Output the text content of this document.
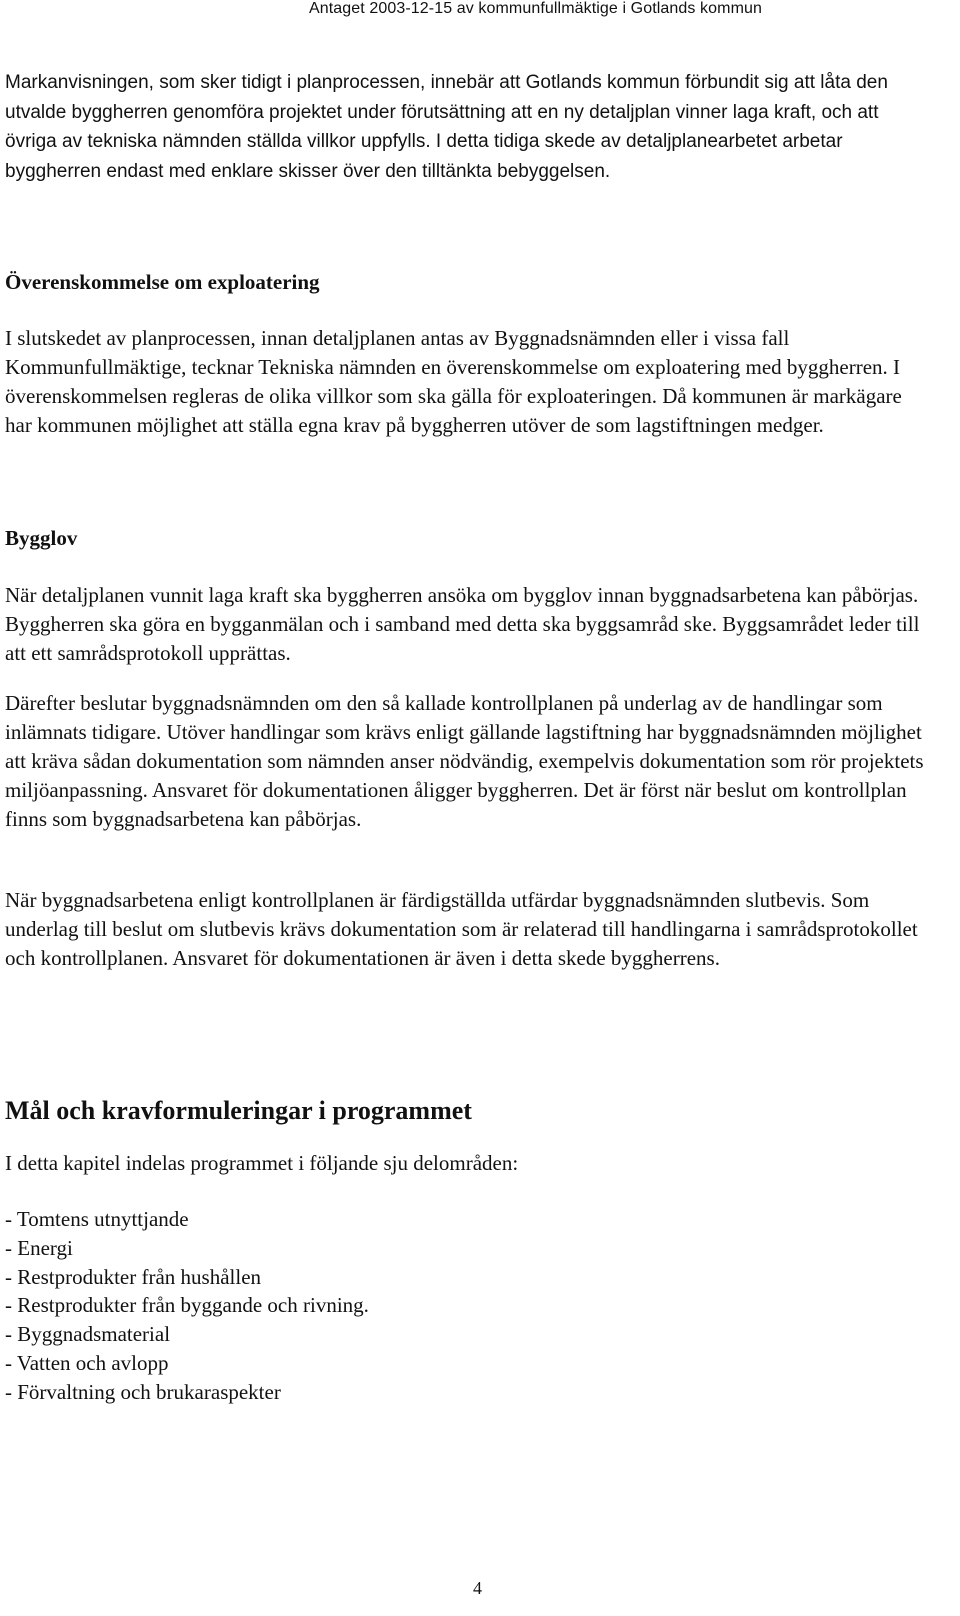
Antaget 2003-12-15 av kommunfullmäktige i Gotlands kommun

Markanvisningen, som sker tidigt i planprocessen, innebär att Gotlands kommun förbundit sig att låta den utvalde byggherren genomföra projektet under förutsättning att en ny detaljplan vinner laga kraft, och att övriga av tekniska nämnden ställda villkor uppfylls. I detta tidiga skede av detaljplanearbetet arbetar byggherren endast med enklare skisser över den tilltänkta bebyggelsen.

Överenskommelse om exploatering

I slutskedet av planprocessen, innan detaljplanen antas av Byggnadsnämnden eller i vissa fall Kommunfullmäktige, tecknar Tekniska nämnden en överenskommelse om exploatering med byggherren. I överenskommelsen regleras de olika villkor som ska gälla för exploateringen. Då kommunen är markägare har kommunen möjlighet att ställa egna krav på byggherren utöver de som lagstiftningen medger.

Bygglov

När detaljplanen vunnit laga kraft ska byggherren ansöka om bygglov innan byggnadsarbetena kan påbörjas. Byggherren ska göra en bygganmälan och i samband med detta ska byggsamråd ske. Byggsamrådet leder till att ett samrådsprotokoll upprättas.

Därefter beslutar byggnadsnämnden om den så kallade kontrollplanen på underlag av de handlingar som inlämnats tidigare. Utöver handlingar som krävs enligt gällande lagstiftning har byggnadsnämnden möjlighet att kräva sådan dokumentation som nämnden anser nödvändig, exempelvis dokumentation som rör projektets miljöanpassning. Ansvaret för dokumentationen åligger byggherren. Det är först när beslut om kontrollplan finns som byggnadsarbetena kan påbörjas.

När byggnadsarbetena enligt kontrollplanen är färdigställda utfärdar byggnadsnämnden slutbevis. Som underlag till beslut om slutbevis krävs dokumentation som är relaterad till handlingarna i samrådsprotokollet och kontrollplanen. Ansvaret för dokumentationen är även i detta skede byggherrens.

Mål och kravformuleringar i programmet

I detta kapitel indelas programmet i följande sju delområden:

- Tomtens utnyttjande
- Energi
- Restprodukter från hushållen
- Restprodukter från byggande och rivning.
- Byggnadsmaterial
- Vatten och avlopp
- Förvaltning och brukaraspekter
4
